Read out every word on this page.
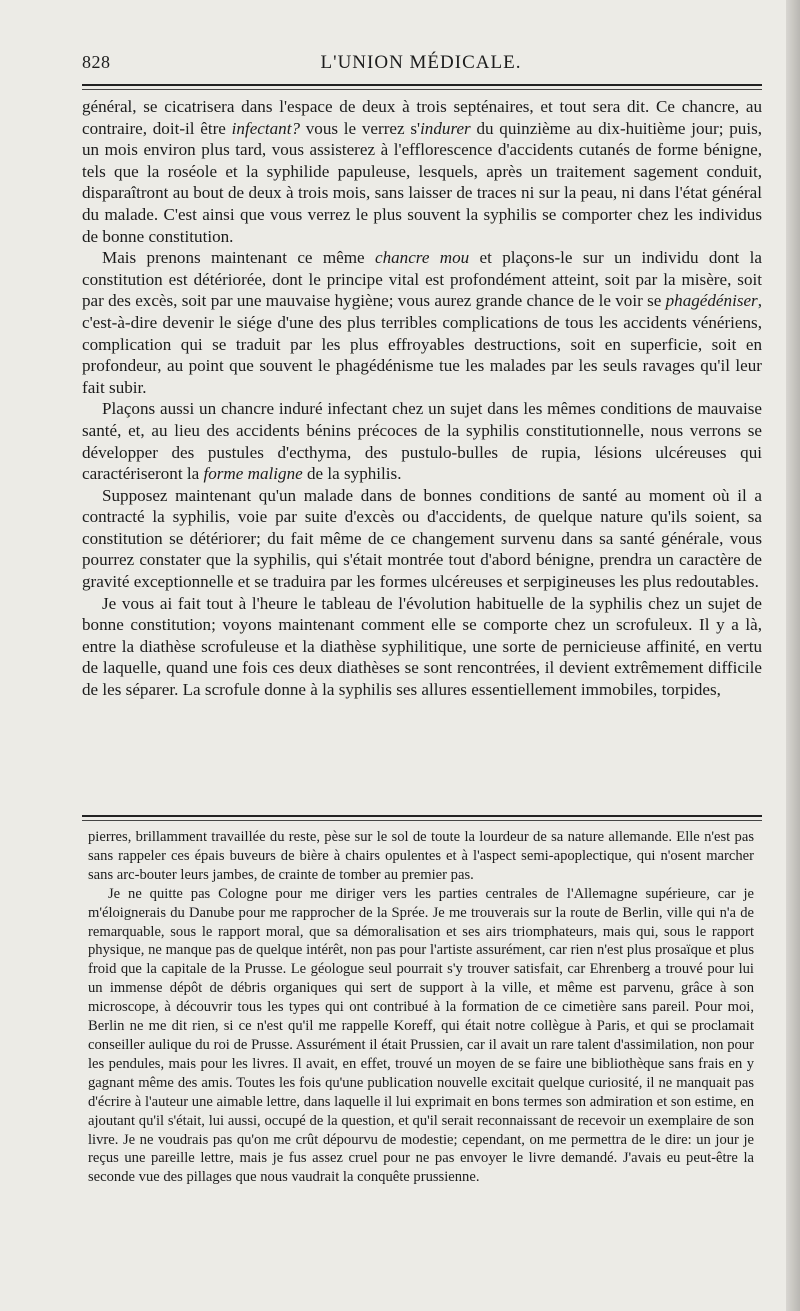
828	L'UNION MÉDICALE.

général, se cicatrisera dans l'espace de deux à trois septénaires, et tout sera dit. Ce chancre, au contraire, doit-il être infectant? vous le verrez s'indurer du quinzième au dix-huitième jour; puis, un mois environ plus tard, vous assisterez à l'efflorescence d'accidents cutanés de forme bénigne, tels que la roséole et la syphilide papuleuse, lesquels, après un traitement sagement conduit, disparaîtront au bout de deux à trois mois, sans laisser de traces ni sur la peau, ni dans l'état général du malade. C'est ainsi que vous verrez le plus souvent la syphilis se comporter chez les individus de bonne constitution.

Mais prenons maintenant ce même chancre mou et plaçons-le sur un individu dont la constitution est détériorée, dont le principe vital est profondément atteint, soit par la misère, soit par des excès, soit par une mauvaise hygiène; vous aurez grande chance de le voir se phagédéniser, c'est-à-dire devenir le siége d'une des plus terribles complications de tous les accidents vénériens, complication qui se traduit par les plus effroyables destructions, soit en superficie, soit en profondeur, au point que souvent le phagédénisme tue les malades par les seuls ravages qu'il leur fait subir.

Plaçons aussi un chancre induré infectant chez un sujet dans les mêmes conditions de mauvaise santé, et, au lieu des accidents bénins précoces de la syphilis constitutionnelle, nous verrons se développer des pustules d'ecthyma, des pustulo-bulles de rupia, lésions ulcéreuses qui caractériseront la forme maligne de la syphilis.

Supposez maintenant qu'un malade dans de bonnes conditions de santé au moment où il a contracté la syphilis, voie par suite d'excès ou d'accidents, de quelque nature qu'ils soient, sa constitution se détériorer; du fait même de ce changement survenu dans sa santé générale, vous pourrez constater que la syphilis, qui s'était montrée tout d'abord bénigne, prendra un caractère de gravité exceptionnelle et se traduira par les formes ulcéreuses et serpigineuses les plus redoutables.

Je vous ai fait tout à l'heure le tableau de l'évolution habituelle de la syphilis chez un sujet de bonne constitution; voyons maintenant comment elle se comporte chez un scrofuleux. Il y a là, entre la diathèse scrofuleuse et la diathèse syphilitique, une sorte de pernicieuse affinité, en vertu de laquelle, quand une fois ces deux diathèses se sont rencontrées, il devient extrêmement difficile de les séparer. La scrofule donne à la syphilis ses allures essentiellement immobiles, torpides,

pierres, brillamment travaillée du reste, pèse sur le sol de toute la lourdeur de sa nature allemande. Elle n'est pas sans rappeler ces épais buveurs de bière à chairs opulentes et à l'aspect semi-apoplectique, qui n'osent marcher sans arc-bouter leurs jambes, de crainte de tomber au premier pas.

Je ne quitte pas Cologne pour me diriger vers les parties centrales de l'Allemagne supérieure, car je m'éloignerais du Danube pour me rapprocher de la Sprée. Je me trouverais sur la route de Berlin, ville qui n'a de remarquable, sous le rapport moral, que sa démoralisation et ses airs triomphateurs, mais qui, sous le rapport physique, ne manque pas de quelque intérêt, non pas pour l'artiste assurément, car rien n'est plus prosaïque et plus froid que la capitale de la Prusse. Le géologue seul pourrait s'y trouver satisfait, car Ehrenberg a trouvé pour lui un immense dépôt de débris organiques qui sert de support à la ville, et même est parvenu, grâce à son microscope, à découvrir tous les types qui ont contribué à la formation de ce cimetière sans pareil. Pour moi, Berlin ne me dit rien, si ce n'est qu'il me rappelle Koreff, qui était notre collègue à Paris, et qui se proclamait conseiller aulique du roi de Prusse. Assurément il était Prussien, car il avait un rare talent d'assimilation, non pour les pendules, mais pour les livres. Il avait, en effet, trouvé un moyen de se faire une bibliothèque sans frais en y gagnant même des amis. Toutes les fois qu'une publication nouvelle excitait quelque curiosité, il ne manquait pas d'écrire à l'auteur une aimable lettre, dans laquelle il lui exprimait en bons termes son admiration et son estime, en ajoutant qu'il s'était, lui aussi, occupé de la question, et qu'il serait reconnaissant de recevoir un exemplaire de son livre. Je ne voudrais pas qu'on me crût dépourvu de modestie; cependant, on me permettra de le dire: un jour je reçus une pareille lettre, mais je fus assez cruel pour ne pas envoyer le livre demandé. J'avais eu peut-être la seconde vue des pillages que nous vaudrait la conquête prussienne.
